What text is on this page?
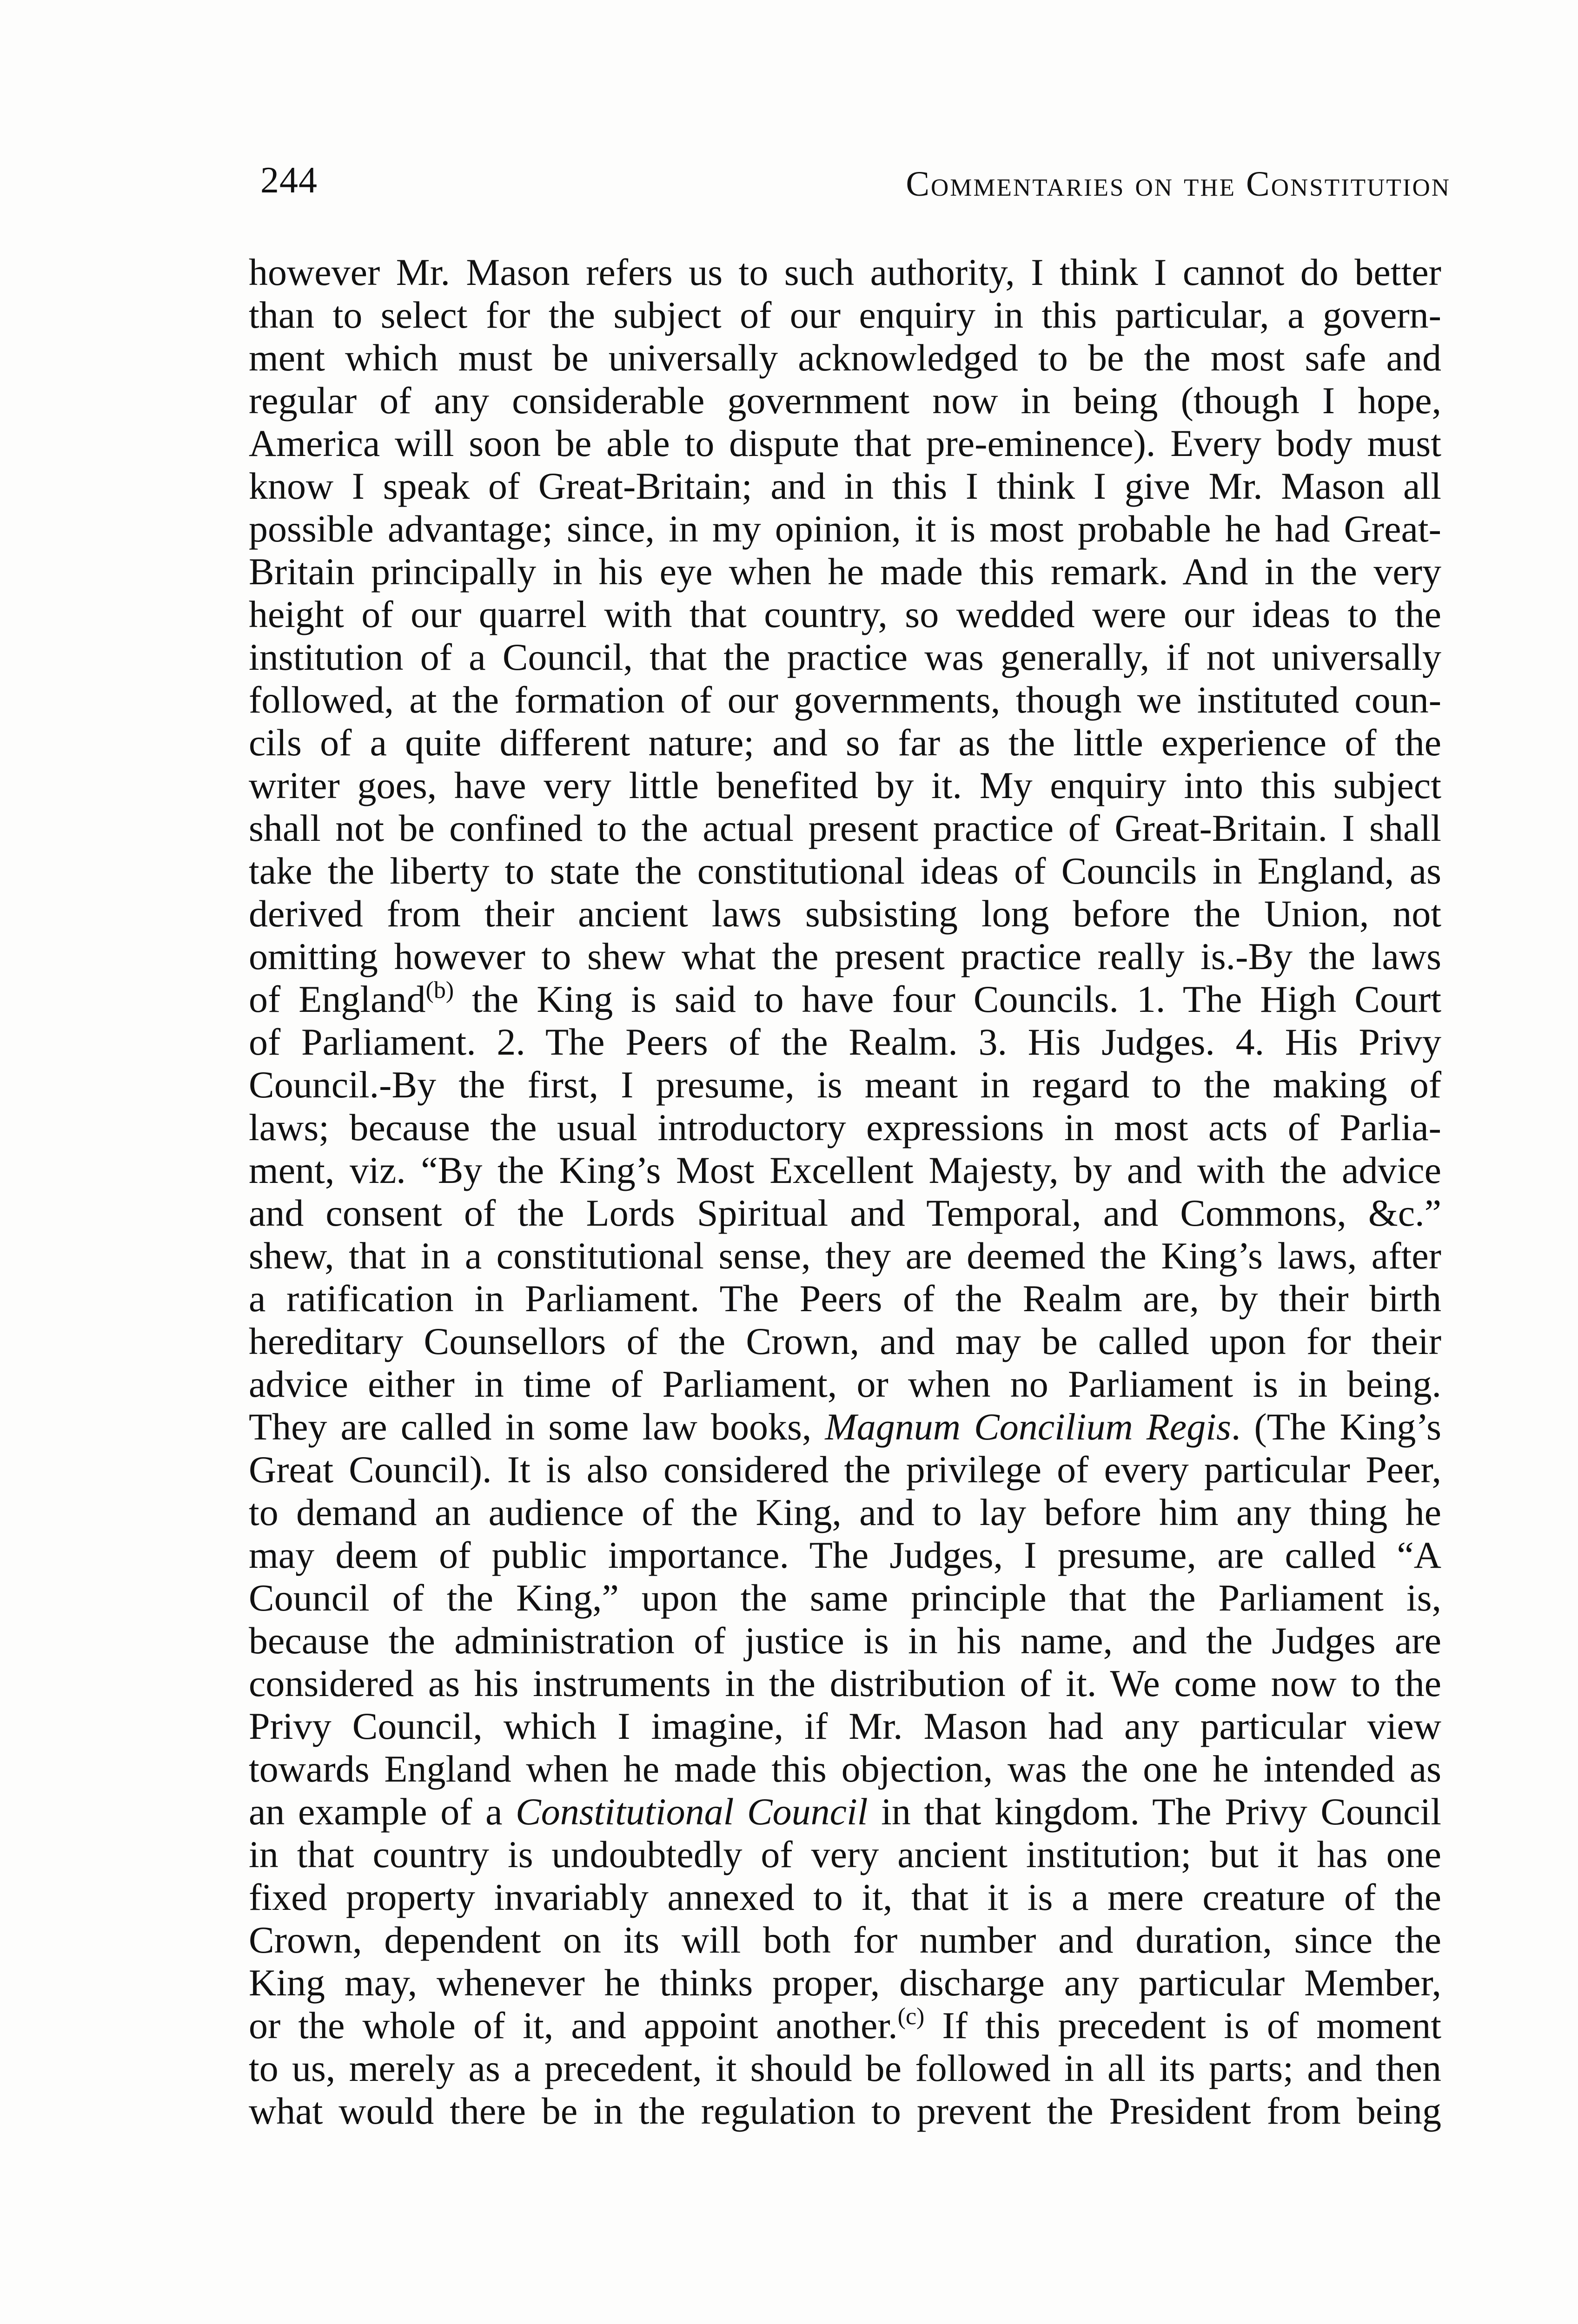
244	Commentaries on the Constitution
however Mr. Mason refers us to such authority, I think I cannot do better
than to select for the subject of our enquiry in this particular, a govern-
ment which must be universally acknowledged to be the most safe and
regular of any considerable government now in being (though I hope,
America will soon be able to dispute that pre-eminence). Every body must
know I speak of Great-Britain; and in this I think I give Mr. Mason all
possible advantage; since, in my opinion, it is most probable he had Great-
Britain principally in his eye when he made this remark. And in the very
height of our quarrel with that country, so wedded were our ideas to the
institution of a Council, that the practice was generally, if not universally
followed, at the formation of our governments, though we instituted coun-
cils of a quite different nature; and so far as the little experience of the
writer goes, have very little benefited by it. My enquiry into this subject
shall not be confined to the actual present practice of Great-Britain. I shall
take the liberty to state the constitutional ideas of Councils in England, as
derived from their ancient laws subsisting long before the Union, not
omitting however to shew what the present practice really is.-By the laws
of England$^{(b)}$ the King is said to have four Councils. 1. The High Court
of Parliament. 2. The Peers of the Realm. 3. His Judges. 4. His Privy
Council.-By the first, I presume, is meant in regard to the making of
laws; because the usual introductory expressions in most acts of Parlia-
ment, viz. “By the King’s Most Excellent Majesty, by and with the advice
and consent of the Lords Spiritual and Temporal, and Commons, &c.”
shew, that in a constitutional sense, they are deemed the King’s laws, after
a ratification in Parliament. The Peers of the Realm are, by their birth
hereditary Counsellors of the Crown, and may be called upon for their
advice either in time of Parliament, or when no Parliament is in being.
They are called in some law books, Magnum Concilium Regis. (The King’s
Great Council). It is also considered the privilege of every particular Peer,
to demand an audience of the King, and to lay before him any thing he
may deem of public importance. The Judges, I presume, are called “A
Council of the King,” upon the same principle that the Parliament is,
because the administration of justice is in his name, and the Judges are
considered as his instruments in the distribution of it. We come now to the
Privy Council, which I imagine, if Mr. Mason had any particular view
towards England when he made this objection, was the one he intended as
an example of a Constitutional Council in that kingdom. The Privy Council
in that country is undoubtedly of very ancient institution; but it has one
fixed property invariably annexed to it, that it is a mere creature of the
Crown, dependent on its will both for number and duration, since the
King may, whenever he thinks proper, discharge any particular Member,
or the whole of it, and appoint another.$^{(c)}$ If this precedent is of moment
to us, merely as a precedent, it should be followed in all its parts; and then
what would there be in the regulation to prevent the President from being
